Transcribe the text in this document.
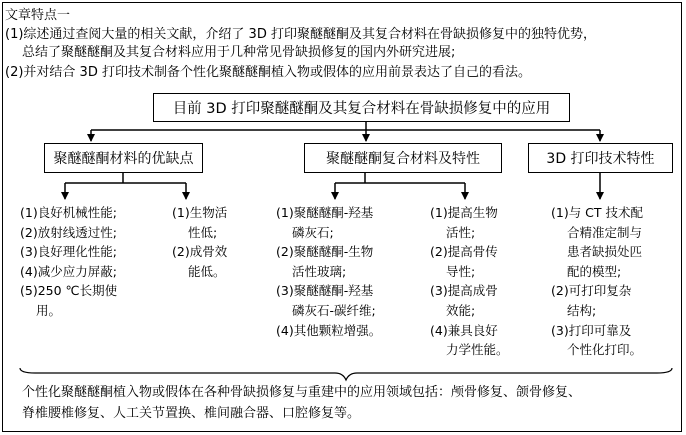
文章特点一
(1)综述通过查阅大量的相关文献，介绍了 3D 打印聚醚醚酮及其复合材料在骨缺损修复中的独特优势，
总结了聚醚醚酮及其复合材料应用于几种常见骨缺损修复的国内外研究进展;
(2)并对结合 3D 打印技术制备个性化聚醚醚酮植入物或假体的应用前景表达了自己的看法。
目前 3D 打印聚醚醚酮及其复合材料在骨缺损修复中的应用
聚醚醚酮材料的优缺点	聚醚醚酮复合材料及特性	3D 打印技术特性
(1)良好机械性能;
(2)放射线透过性;
(3)良好理化性能;
(4)减少应力屏蔽;
(5)250 ℃长期使
用。
(1)生物活
性低;
(2)成骨效
能低。
(1)聚醚醚酮-羟基
磷灰石;
(2)聚醚醚酮-生物
活性玻璃;
(3)聚醚醚酮-羟基
磷灰石-碳纤维;
(4)其他颗粒增强。
(1)提高生物
活性;
(2)提高骨传
导性;
(3)提高成骨
效能;
(4)兼具良好
力学性能。
(1)与 CT 技术配
合精准定制与
患者缺损处匹
配的模型;
(2)可打印复杂
结构;
(3)打印可靠及
个性化打印。
个性化聚醚醚酮植入物或假体在各种骨缺损修复与重建中的应用领域包括：颅骨修复、颌骨修复、
脊椎腰椎修复、人工关节置换、椎间融合器、口腔修复等。
